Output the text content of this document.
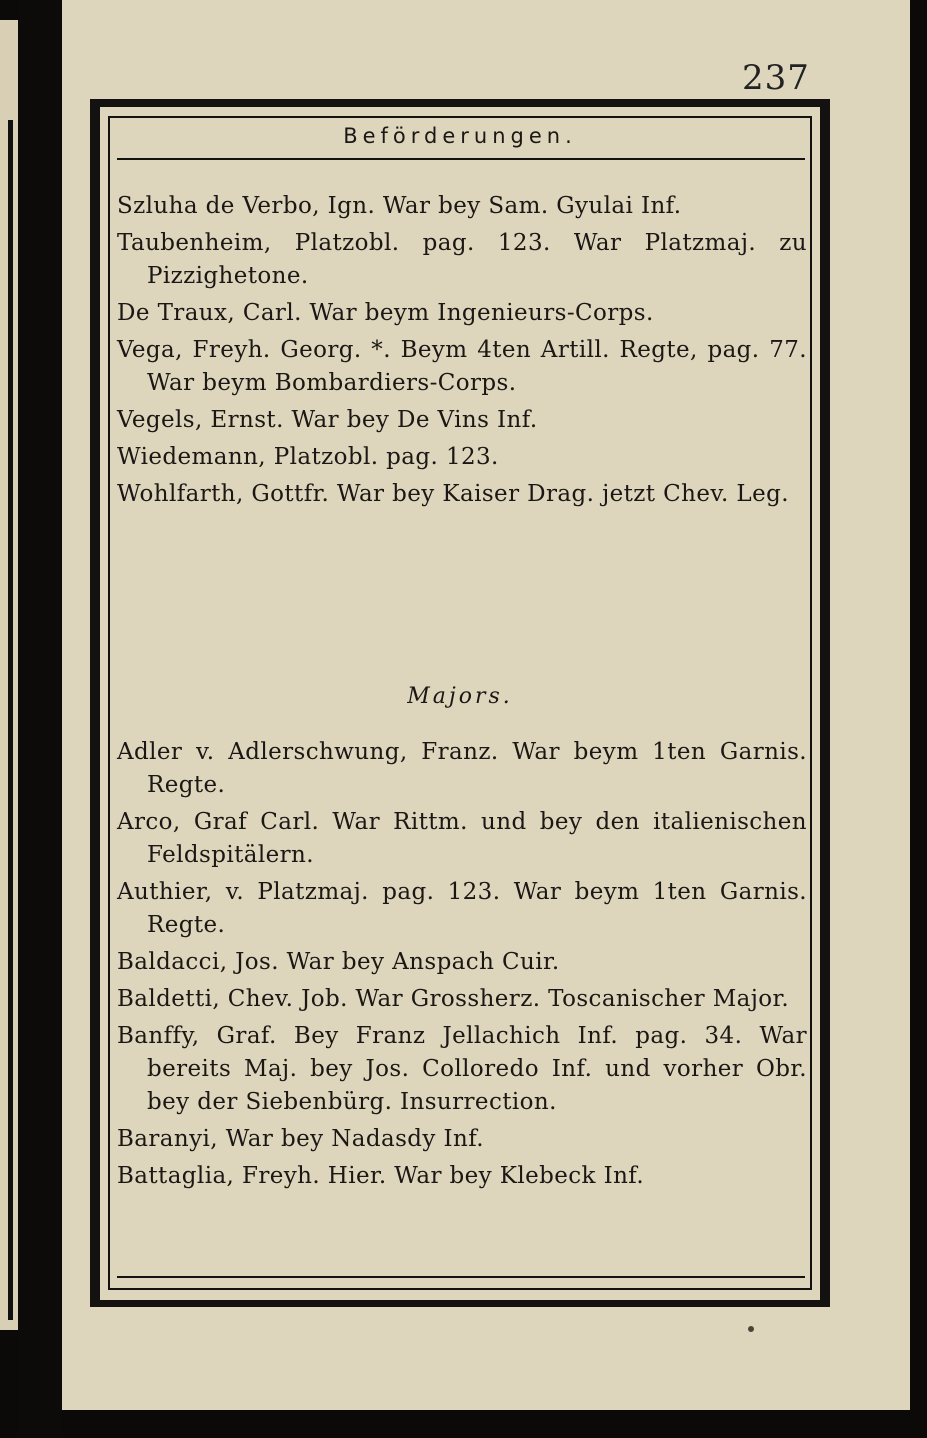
237
Beförderungen.

Szluha de Verbo, Ign. War bey Sam. Gyulai Inf.

Taubenheim, Platzobl. pag. 123. War Platzmaj. zu Pizzighetone.

De Traux, Carl. War beym Ingenieurs-Corps.

Vega, Freyh. Georg. *. Beym 4ten Artill. Regte, pag. 77. War beym Bombardiers-Corps.

Vegels, Ernst. War bey De Vins Inf.

Wiedemann, Platzobl. pag. 123.

Wohlfarth, Gottfr. War bey Kaiser Drag. jetzt Chev. Leg.

Majors.

Adler v. Adlerschwung, Franz. War beym 1ten Garnis. Regte.

Arco, Graf Carl. War Rittm. und bey den italienischen Feldspitälern.

Authier, v. Platzmaj. pag. 123. War beym 1ten Garnis. Regte.

Baldacci, Jos. War bey Anspach Cuir.

Baldetti, Chev. Job. War Grossherz. Toscanischer Major.

Banffy, Graf. Bey Franz Jellachich Inf. pag. 34. War bereits Maj. bey Jos. Colloredo Inf. und vorher Obr. bey der Siebenbürg. Insurrection.

Baranyi, War bey Nadasdy Inf.

Battaglia, Freyh. Hier. War bey Klebeck Inf.
